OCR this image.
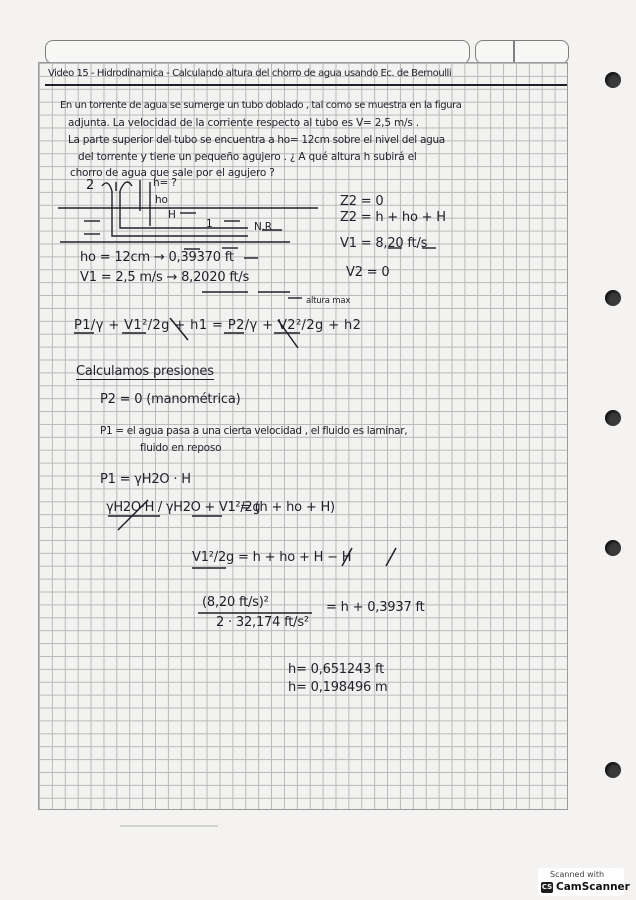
Video 15 - Hidrodinamica - Calculando altura del chorro de agua usando Ec. de Bernoulli
En un torrente de agua se sumerge un tubo doblado , tal como se muestra en la figura
adjunta. La velocidad de la corriente respecto al tubo es V= 2,5 m/s .
La parte superior del tubo se encuentra a ho= 12cm sobre el nivel del agua
del torrente y tiene un pequeño agujero . ¿ A qué altura h subirá el
chorro de agua que sale por el agujero ?
2	h= ?
ho
H
1	N.R
ho = 12cm → 0,39370 ft
V1 = 2,5 m/s → 8,2020 ft/s
Z2 = 0
Z2 = h + ho + H
V1 = 8,20 ft/s
V2 = 0
altura max
P1/γ + V1²/2g + h1 = P2/γ + V2²/2g + h2
Calculamos presiones
P2 = 0 (manométrica)
P1 = el agua pasa a una cierta velocidad , el fluido es laminar,
fluido en reposo
P1 = γH2O · H
γH2O·H / γH2O + V1²/2g
= (h + ho + H)
V1²/2g = h + ho + H − H
(8,20 ft/s)²
2 · 32,174 ft/s²
= h + 0,3937 ft
h= 0,651243 ft
h= 0,198496 m
Scanned with
CS CamScanner
